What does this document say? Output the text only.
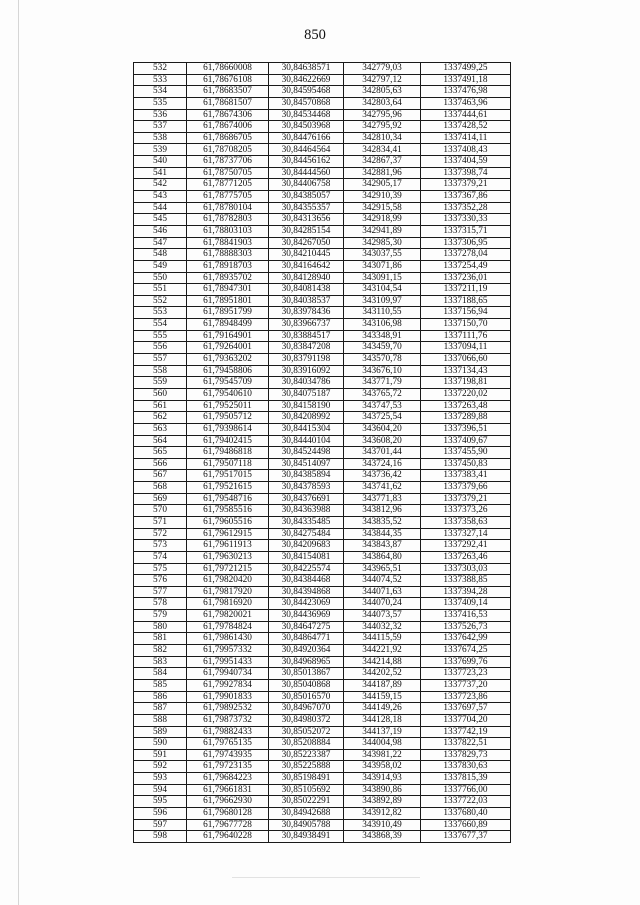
850
532	61,78660008	30,84638571	342779,03	1337499,25
533	61,78676108	30,84622669	342797,12	1337491,18
534	61,78683507	30,84595468	342805,63	1337476,98
535	61,78681507	30,84570868	342803,64	1337463,96
536	61,78674306	30,84534468	342795,96	1337444,61
537	61,78674006	30,84503968	342795,92	1337428,52
538	61,78686705	30,84476166	342810,34	1337414,11
539	61,78708205	30,84464564	342834,41	1337408,43
540	61,78737706	30,84456162	342867,37	1337404,59
541	61,78750705	30,84444560	342881,96	1337398,74
542	61,78771205	30,84406758	342905,17	1337379,21
543	61,78775705	30,84385057	342910,39	1337367,86
544	61,78780104	30,84355357	342915,58	1337352,28
545	61,78782803	30,84313656	342918,99	1337330,33
546	61,78803103	30,84285154	342941,89	1337315,71
547	61,78841903	30,84267050	342985,30	1337306,95
548	61,78888303	30,84210445	343037,55	1337278,04
549	61,78918703	30,84164642	343071,86	1337254,49
550	61,78935702	30,84128940	343091,15	1337236,01
551	61,78947301	30,84081438	343104,54	1337211,19
552	61,78951801	30,84038537	343109,97	1337188,65
553	61,78951799	30,83978436	343110,55	1337156,94
554	61,78948499	30,83966737	343106,98	1337150,70
555	61,79164901	30,83884517	343348,91	1337111,76
556	61,79264001	30,83847208	343459,70	1337094,11
557	61,79363202	30,83791198	343570,78	1337066,60
558	61,79458806	30,83916092	343676,10	1337134,43
559	61,79545709	30,84034786	343771,79	1337198,81
560	61,79540610	30,84075187	343765,72	1337220,02
561	61,79525011	30,84158190	343747,53	1337263,48
562	61,79505712	30,84208992	343725,54	1337289,88
563	61,79398614	30,84415304	343604,20	1337396,51
564	61,79402415	30,84440104	343608,20	1337409,67
565	61,79486818	30,84524498	343701,44	1337455,90
566	61,79507118	30,84514097	343724,16	1337450,83
567	61,79517015	30,84385894	343736,42	1337383,41
568	61,79521615	30,84378593	343741,62	1337379,66
569	61,79548716	30,84376691	343771,83	1337379,21
570	61,79585516	30,84363988	343812,96	1337373,26
571	61,79605516	30,84335485	343835,52	1337358,63
572	61,79612915	30,84275484	343844,35	1337327,14
573	61,79611913	30,84209683	343843,87	1337292,41
574	61,79630213	30,84154081	343864,80	1337263,46
575	61,79721215	30,84225574	343965,51	1337303,03
576	61,79820420	30,84384468	344074,52	1337388,85
577	61,79817920	30,84394868	344071,63	1337394,28
578	61,79816920	30,84423069	344070,24	1337409,14
579	61,79820021	30,84436969	344073,57	1337416,53
580	61,79784824	30,84647275	344032,32	1337526,73
581	61,79861430	30,84864771	344115,59	1337642,99
582	61,79957332	30,84920364	344221,92	1337674,25
583	61,79951433	30,84968965	344214,88	1337699,76
584	61,79940734	30,85013867	344202,52	1337723,23
585	61,79927834	30,85040868	344187,89	1337737,20
586	61,79901833	30,85016570	344159,15	1337723,86
587	61,79892532	30,84967070	344149,26	1337697,57
588	61,79873732	30,84980372	344128,18	1337704,20
589	61,79882433	30,85052072	344137,19	1337742,19
590	61,79765135	30,85208884	344004,98	1337822,51
591	61,79743935	30,85223387	343981,22	1337829,73
592	61,79723135	30,85225888	343958,02	1337830,63
593	61,79684223	30,85198491	343914,93	1337815,39
594	61,79661831	30,85105692	343890,86	1337766,00
595	61,79662930	30,85022291	343892,89	1337722,03
596	61,79680128	30,84942688	343912,82	1337680,40
597	61,79677728	30,84905788	343910,49	1337660,89
598	61,79640228	30,84938491	343868,39	1337677,37
